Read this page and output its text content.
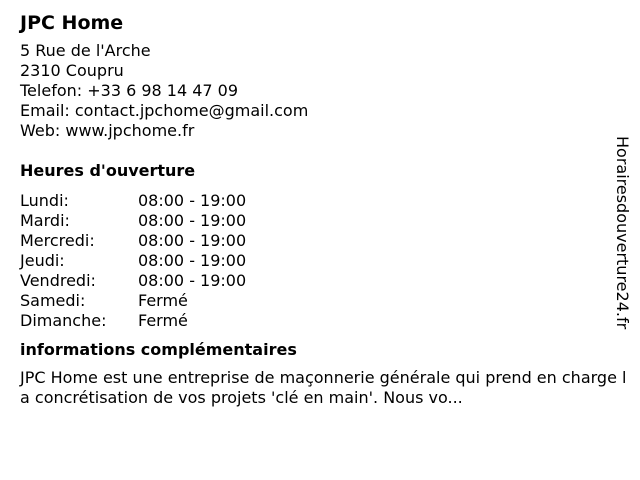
JPC Home
5 Rue de l'Arche
2310 Coupru
Telefon: +33 6 98 14 47 09
Email: contact.jpchome@gmail.com
Web: www.jpchome.fr
Heures d'ouverture
Lundi:	08:00 - 19:00
Mardi:	08:00 - 19:00
Mercredi:	08:00 - 19:00
Jeudi:	08:00 - 19:00
Vendredi:	08:00 - 19:00
Samedi:	Fermé
Dimanche:	Fermé
informations complémentaires
JPC Home est une entreprise de maçonnerie générale qui prend en charge la concrétisation de vos projets 'clé en main'. Nous vo...
Horairesdouverture24.fr
